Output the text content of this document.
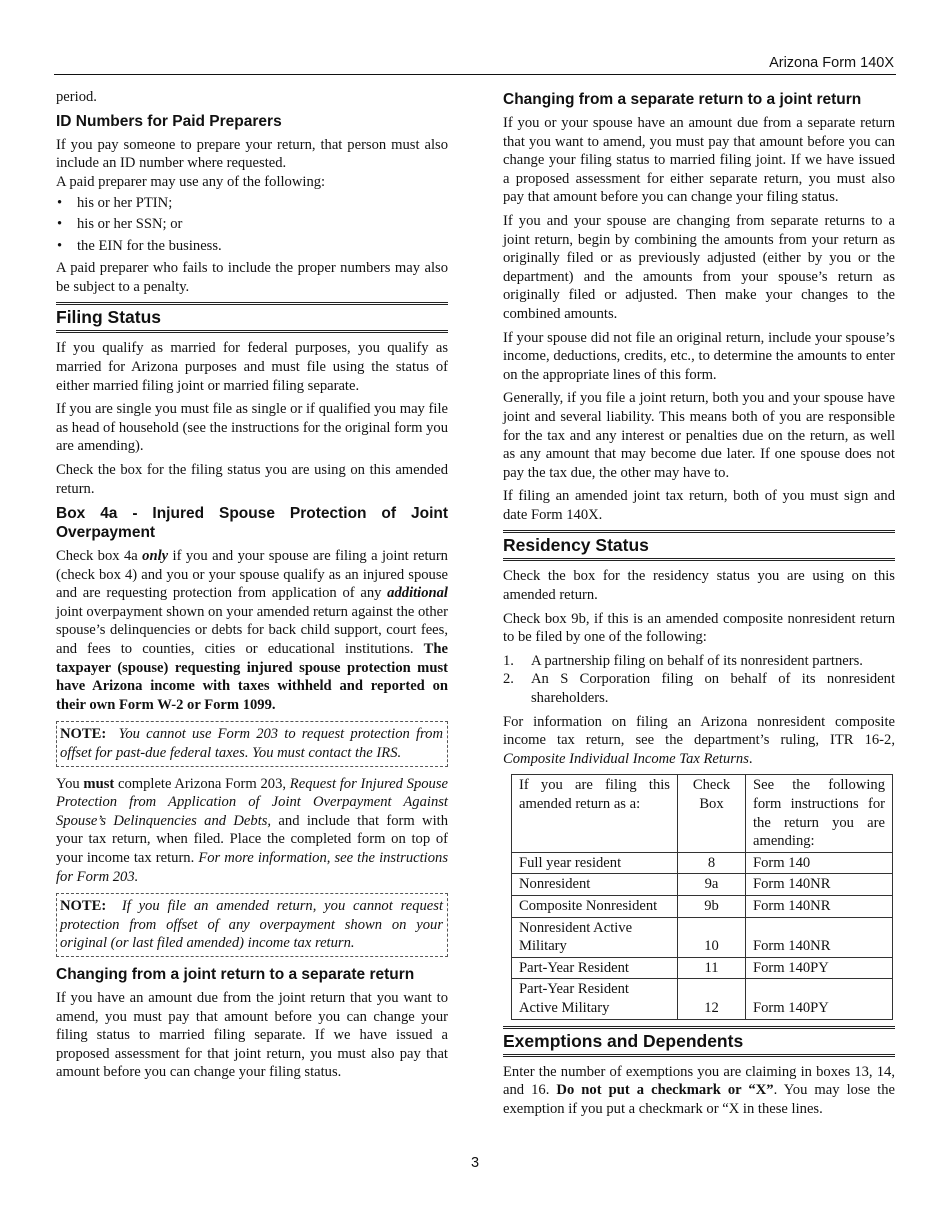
Arizona Form 140X

period.

ID Numbers for Paid Preparers

If you pay someone to prepare your return, that person must also include an ID number where requested.

A paid preparer may use any of the following:

• his or her PTIN;
• his or her SSN; or
• the EIN for the business.

A paid preparer who fails to include the proper numbers may also be subject to a penalty.

Filing Status

If you qualify as married for federal purposes, you qualify as married for Arizona purposes and must file using the status of either married filing joint or married filing separate.

If you are single you must file as single or if qualified you may file as head of household (see the instructions for the original form you are amending).

Check the box for the filing status you are using on this amended return.

Box 4a - Injured Spouse Protection of Joint Overpayment

Check box 4a only if you and your spouse are filing a joint return (check box 4) and you or your spouse qualify as an injured spouse and are requesting protection from application of any additional joint overpayment shown on your amended return against the other spouse’s delinquencies or debts for back child support, court fees, and fees to counties, cities or educational institutions. The taxpayer (spouse) requesting injured spouse protection must have Arizona income with taxes withheld and reported on their own Form W-2 or Form 1099.

NOTE: You cannot use Form 203 to request protection from offset for past-due federal taxes. You must contact the IRS.

You must complete Arizona Form 203, Request for Injured Spouse Protection from Application of Joint Overpayment Against Spouse’s Delinquencies and Debts, and include that form with your tax return, when filed. Place the completed form on top of your income tax return. For more information, see the instructions for Form 203.

NOTE: If you file an amended return, you cannot request protection from offset of any overpayment shown on your original (or last filed amended) income tax return.

Changing from a joint return to a separate return

If you have an amount due from the joint return that you want to amend, you must pay that amount before you can change your filing status to married filing separate. If we have issued a proposed assessment for that joint return, you must also pay that amount before you can change your filing status.

Changing from a separate return to a joint return

If you or your spouse have an amount due from a separate return that you want to amend, you must pay that amount before you can change your filing status to married filing joint. If we have issued a proposed assessment for either separate return, you must also pay that amount before you can change your filing status.

If you and your spouse are changing from separate returns to a joint return, begin by combining the amounts from your return as originally filed or as previously adjusted (either by you or the department) and the amounts from your spouse’s return as originally filed or adjusted. Then make your changes to the combined amounts.

If your spouse did not file an original return, include your spouse’s income, deductions, credits, etc., to determine the amounts to enter on the appropriate lines of this form.

Generally, if you file a joint return, both you and your spouse have joint and several liability. This means both of you are responsible for the tax and any interest or penalties due on the return, as well as any amount that may become due later. If one spouse does not pay the tax due, the other may have to.

If filing an amended joint tax return, both of you must sign and date Form 140X.

Residency Status

Check the box for the residency status you are using on this amended return.

Check box 9b, if this is an amended composite nonresident return to be filed by one of the following:

1. A partnership filing on behalf of its nonresident partners.
2. An S Corporation filing on behalf of its nonresident shareholders.

For information on filing an Arizona nonresident composite income tax return, see the department’s ruling, ITR 16-2, Composite Individual Income Tax Returns.

If you are filing this amended return as a:	Check Box	See the following form instructions for the return you are amending:
Full year resident	8	Form 140
Nonresident	9a	Form 140NR
Composite Nonresident	9b	Form 140NR
Nonresident Active Military	10	Form 140NR
Part-Year Resident	11	Form 140PY
Part-Year Resident Active Military	12	Form 140PY
Exemptions and Dependents

Enter the number of exemptions you are claiming in boxes 13, 14, and 16. Do not put a checkmark or “X”. You may lose the exemption if you put a checkmark or “X in these lines.

3
